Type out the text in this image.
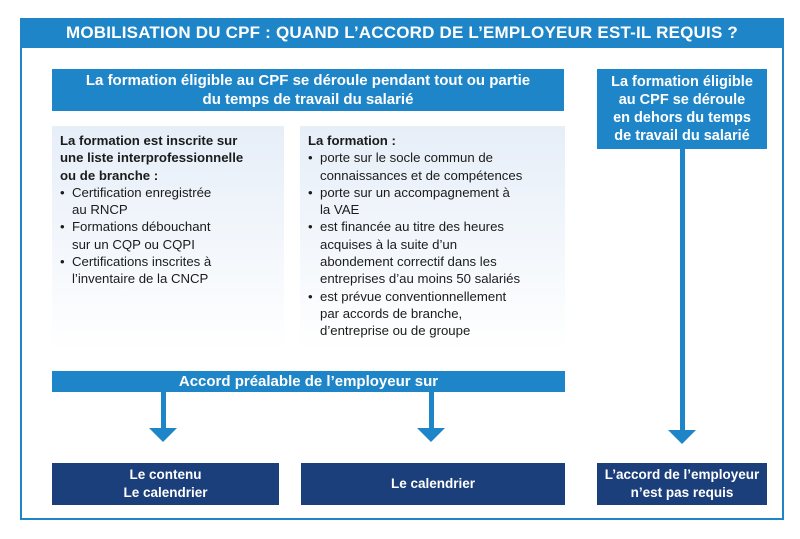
MOBILISATION DU CPF : QUAND L’ACCORD DE L’EMPLOYEUR EST-IL REQUIS ?
La formation éligible au CPF se déroule pendant tout ou partie
du temps de travail du salarié
La formation éligible
au CPF se déroule
en dehors du temps
de travail du salarié

La formation est inscrite sur

une liste interprofessionnelle

ou de branche :

• Certification enregistrée
au RNCP
• Formations débouchant
sur un CQP ou CQPI
• Certifications inscrites à
l’inventaire de la CNCP

La formation :

• porte sur le socle commun de
connaissances et de compétences
• porte sur un accompagnement à
la VAE
• est financée au titre des heures
acquises à la suite d’un
abondement correctif dans les
entreprises d’au moins 50 salariés
• est prévue conventionnellement
par accords de branche,
d’entreprise ou de groupe
Accord préalable de l’employeur sur
Le contenu
Le calendrier
Le calendrier
L’accord de l’employeur
n’est pas requis
